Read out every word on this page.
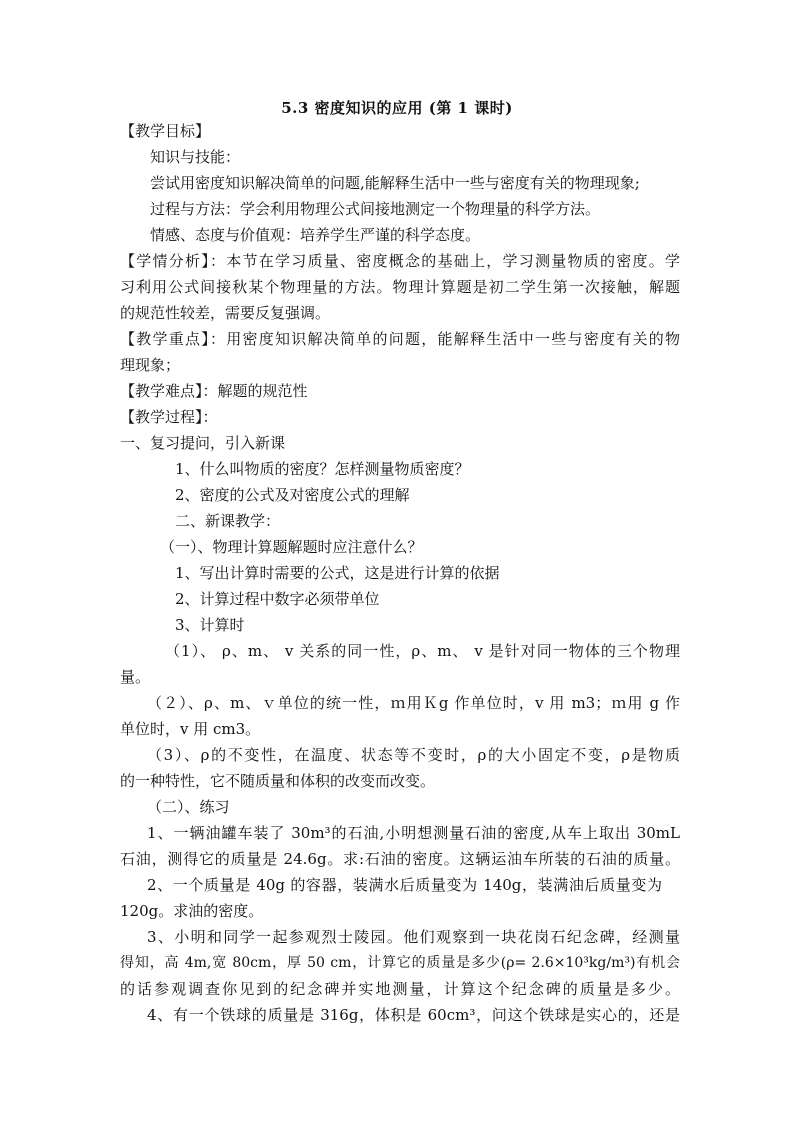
5.3 密度知识的应用 (第 1 课时)
【教学目标】
知识与技能：
尝试用密度知识解决简单的问题,能解释生活中一些与密度有关的物理现象;
过程与方法：学会利用物理公式间接地测定一个物理量的科学方法。
情感、态度与价值观：培养学生严谨的科学态度。
【学情分析】：本节在学习质量、密度概念的基础上，学习测量物质的密度。学
习利用公式间接秋某个物理量的方法。物理计算题是初二学生第一次接触，解题
的规范性较差，需要反复强调。
【教学重点】：用密度知识解决简单的问题，能解释生活中一些与密度有关的物
理现象；
【教学难点】：解题的规范性
【教学过程】：
一、复习提问，引入新课
1、什么叫物质的密度？怎样测量物质密度？
2、密度的公式及对密度公式的理解
二、新课教学：
（一）、物理计算题解题时应注意什么？
1、写出计算时需要的公式，这是进行计算的依据
2、计算过程中数字必须带单位
3、计算时
（1）、 ρ、m、 v 关系的同一性，ρ、m、 v 是针对同一物体的三个物理
量。
（２）、ρ、m、ｖ单位的统一性，ｍ用Ｋg 作单位时，v 用 m3；ｍ用 g 作
单位时，v 用 cm3。
（3）、ρ的不变性，在温度、状态等不变时，ρ的大小固定不变，ρ是物质
的一种特性，它不随质量和体积的改变而改变。
（二）、练习
1、一辆油罐车装了 30m³的石油,小明想测量石油的密度,从车上取出 30mL
石油，测得它的质量是 24.6g。求:石油的密度。这辆运油车所装的石油的质量。
2、一个质量是 40g 的容器，装满水后质量变为 140g，装满油后质量变为
120g。求油的密度。
3、小明和同学一起参观烈士陵园。他们观察到一块花岗石纪念碑，经测量
得知，高 4m,宽 80cm，厚 50 cm，计算它的质量是多少(ρ= 2.6×10³kg/m³)有机会
的话参观调查你见到的纪念碑并实地测量，计算这个纪念碑的质量是多少。
4、有一个铁球的质量是 316g，体积是 60cm³，问这个铁球是实心的，还是
